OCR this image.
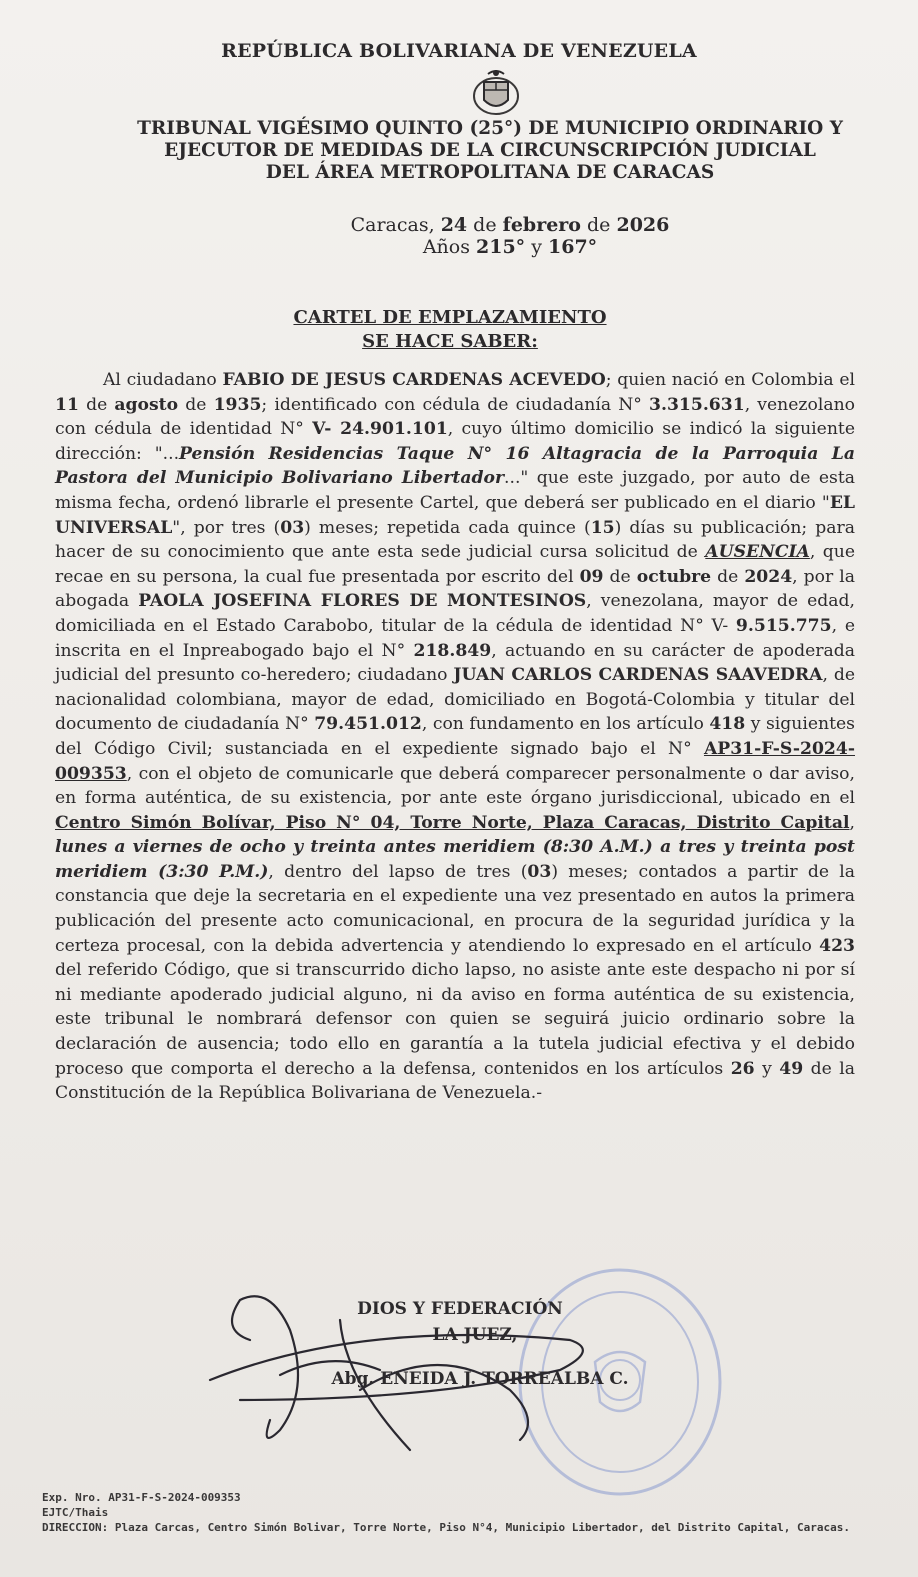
REPÚBLICA BOLIVARIANA DE VENEZUELA
TRIBUNAL VIGÉSIMO QUINTO (25°) DE MUNICIPIO ORDINARIO Y
EJECUTOR DE MEDIDAS DE LA CIRCUNSCRIPCIÓN JUDICIAL
DEL ÁREA METROPOLITANA DE CARACAS
Caracas, 24 de febrero de 2026
Años 215° y 167°
CARTEL DE EMPLAZAMIENTO
SE HACE SABER:

Al ciudadano FABIO DE JESUS CARDENAS ACEVEDO; quien nació en Colombia el 11 de agosto de 1935; identificado con cédula de ciudadanía N° 3.315.631, venezolano con cédula de identidad N° V- 24.901.101, cuyo último domicilio se indicó la siguiente dirección: "...Pensión Residencias Taque N° 16 Altagracia de la Parroquia La Pastora del Municipio Bolivariano Libertador..." que este juzgado, por auto de esta misma fecha, ordenó librarle el presente Cartel, que deberá ser publicado en el diario "EL UNIVERSAL", por tres (03) meses; repetida cada quince (15) días su publicación; para hacer de su conocimiento que ante esta sede judicial cursa solicitud de AUSENCIA, que recae en su persona, la cual fue presentada por escrito del 09 de octubre de 2024, por la abogada PAOLA JOSEFINA FLORES DE MONTESINOS, venezolana, mayor de edad, domiciliada en el Estado Carabobo, titular de la cédula de identidad N° V- 9.515.775, e inscrita en el Inpreabogado bajo el N° 218.849, actuando en su carácter de apoderada judicial del presunto co-heredero; ciudadano JUAN CARLOS CARDENAS SAAVEDRA, de nacionalidad colombiana, mayor de edad, domiciliado en Bogotá-Colombia y titular del documento de ciudadanía N° 79.451.012, con fundamento en los artículo 418 y siguientes del Código Civil; sustanciada en el expediente signado bajo el N° AP31-F-S-2024-009353, con el objeto de comunicarle que deberá comparecer personalmente o dar aviso, en forma auténtica, de su existencia, por ante este órgano jurisdiccional, ubicado en el Centro Simón Bolívar, Piso N° 04, Torre Norte, Plaza Caracas, Distrito Capital, lunes a viernes de ocho y treinta antes meridiem (8:30 A.M.) a tres y treinta post meridiem (3:30 P.M.), dentro del lapso de tres (03) meses; contados a partir de la constancia que deje la secretaria en el expediente una vez presentado en autos la primera publicación del presente acto comunicacional, en procura de la seguridad jurídica y la certeza procesal, con la debida advertencia y atendiendo lo expresado en el artículo 423 del referido Código, que si transcurrido dicho lapso, no asiste ante este despacho ni por sí ni mediante apoderado judicial alguno, ni da aviso en forma auténtica de su existencia, este tribunal le nombrará defensor con quien se seguirá juicio ordinario sobre la declaración de ausencia; todo ello en garantía a la tutela judicial efectiva y el debido proceso que comporta el derecho a la defensa, contenidos en los artículos 26 y 49 de la Constitución de la República Bolivariana de Venezuela.-

DIOS Y FEDERACIÓN
LA JUEZ,
Abg. ENEIDA J. TORREALBA C.
Exp. Nro. AP31-F-S-2024-009353
EJTC/Thais
DIRECCION: Plaza Carcas, Centro Simón Bolivar, Torre Norte, Piso N°4, Municipio Libertador, del Distrito Capital, Caracas.
